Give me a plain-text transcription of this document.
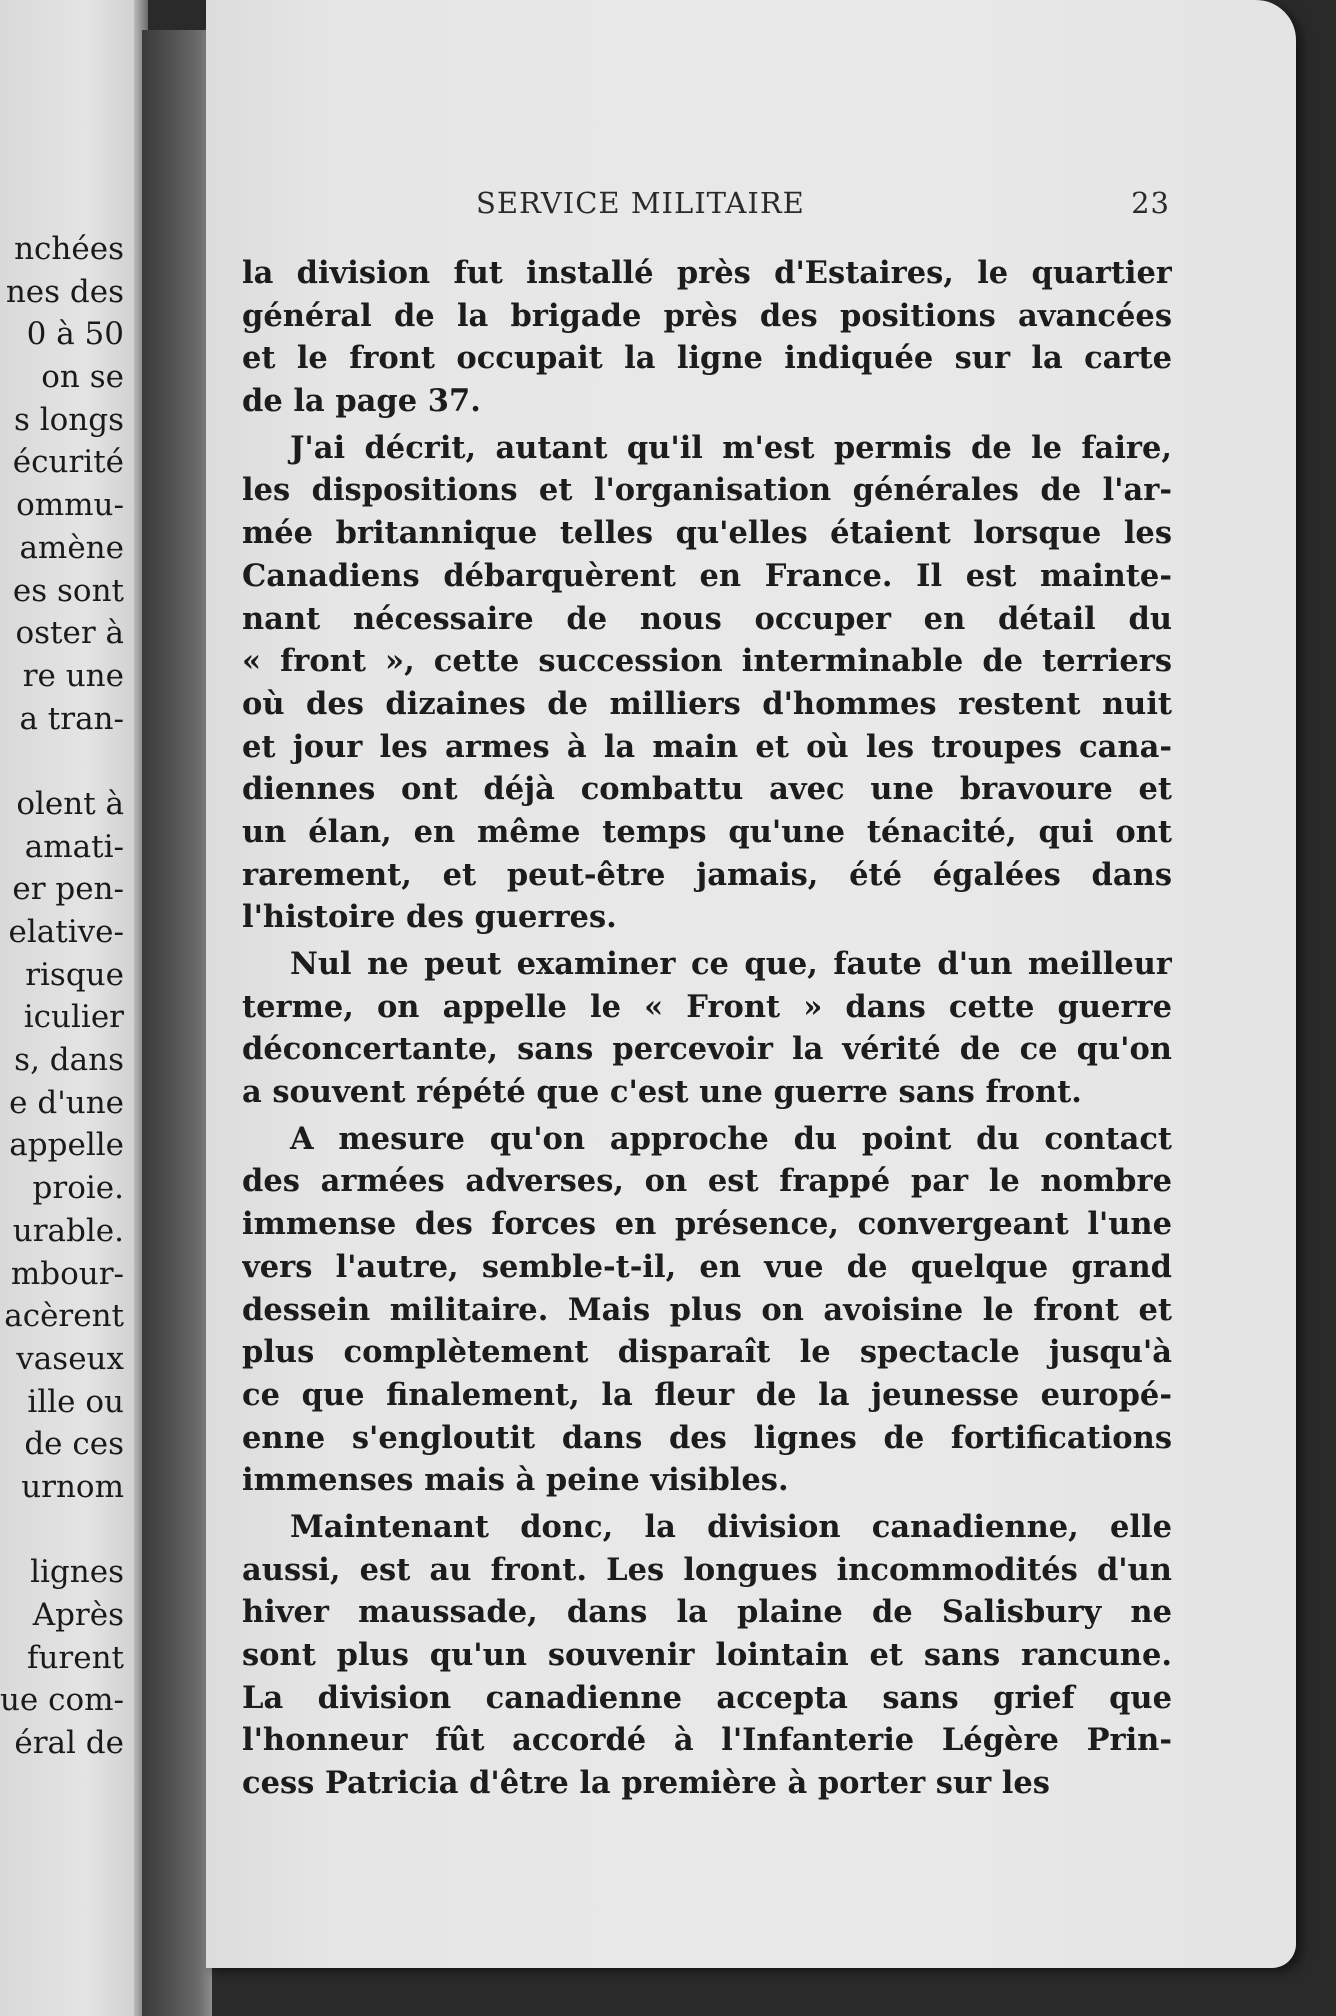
nchées
nes des
0 à 50
on se
s longs
écurité
ommu-
amène
es sont
oster à
re une
a tran-
olent à
amati-
er pen-
elative-
risque
iculier
s, dans
e d'une
appelle
proie.
urable.
mbour-
acèrent
vaseux
ille ou
de ces
urnom
lignes
Après
furent
ue com-
éral de
SERVICE MILITAIRE	23
la division fut installé près d'Estaires, le quartier
général de la brigade près des positions avancées
et le front occupait la ligne indiquée sur la carte
de la page 37.
J'ai décrit, autant qu'il m'est permis de le faire,
les dispositions et l'organisation générales de l'ar-
mée britannique telles qu'elles étaient lorsque les
Canadiens débarquèrent en France. Il est mainte-
nant nécessaire de nous occuper en détail du
« front », cette succession interminable de terriers
où des dizaines de milliers d'hommes restent nuit
et jour les armes à la main et où les troupes cana-
diennes ont déjà combattu avec une bravoure et
un élan, en même temps qu'une ténacité, qui ont
rarement, et peut-être jamais, été égalées dans
l'histoire des guerres.
Nul ne peut examiner ce que, faute d'un meilleur
terme, on appelle le « Front » dans cette guerre
déconcertante, sans percevoir la vérité de ce qu'on
a souvent répété que c'est une guerre sans front.
A mesure qu'on approche du point du contact
des armées adverses, on est frappé par le nombre
immense des forces en présence, convergeant l'une
vers l'autre, semble-t-il, en vue de quelque grand
dessein militaire. Mais plus on avoisine le front et
plus complètement disparaît le spectacle jusqu'à
ce que finalement, la fleur de la jeunesse europé-
enne s'engloutit dans des lignes de fortifications
immenses mais à peine visibles.
Maintenant donc, la division canadienne, elle
aussi, est au front. Les longues incommodités d'un
hiver maussade, dans la plaine de Salisbury ne
sont plus qu'un souvenir lointain et sans rancune.
La division canadienne accepta sans grief que
l'honneur fût accordé à l'Infanterie Légère Prin-
cess Patricia d'être la première à porter sur les
